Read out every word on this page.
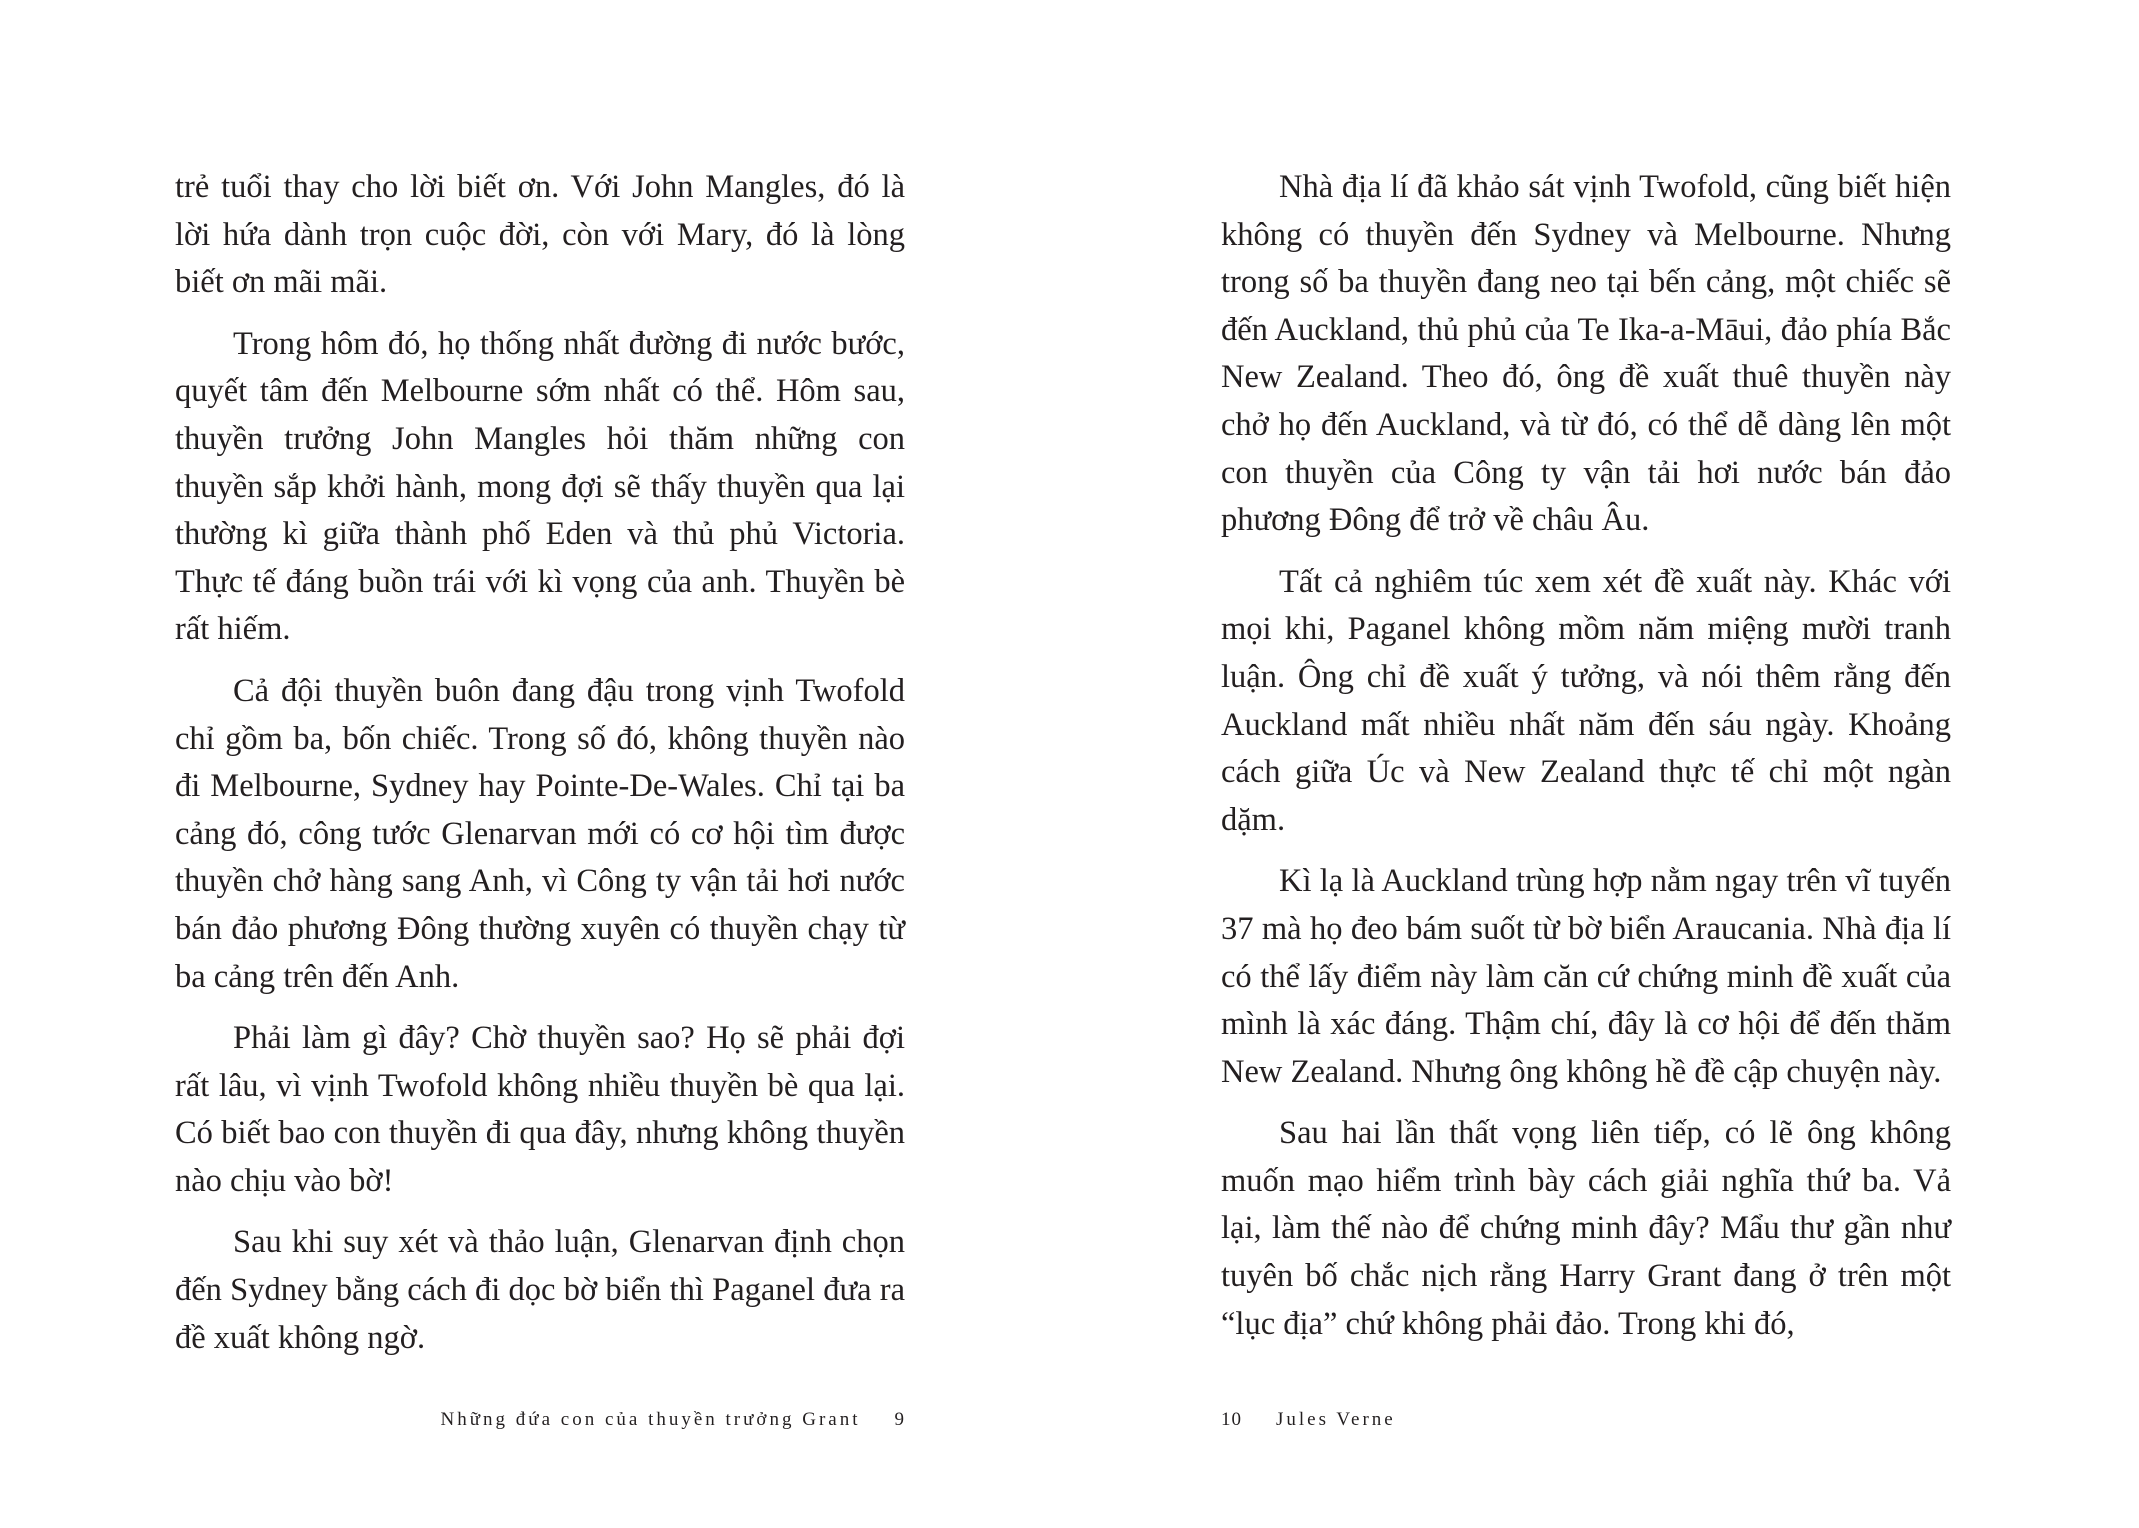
trẻ tuổi thay cho lời biết ơn. Với John Mangles, đó là lời hứa dành trọn cuộc đời, còn với Mary, đó là lòng biết ơn mãi mãi.

Trong hôm đó, họ thống nhất đường đi nước bước, quyết tâm đến Melbourne sớm nhất có thể. Hôm sau, thuyền trưởng John Mangles hỏi thăm những con thuyền sắp khởi hành, mong đợi sẽ thấy thuyền qua lại thường kì giữa thành phố Eden và thủ phủ Victoria. Thực tế đáng buồn trái với kì vọng của anh. Thuyền bè rất hiếm.

Cả đội thuyền buôn đang đậu trong vịnh Twofold chỉ gồm ba, bốn chiếc. Trong số đó, không thuyền nào đi Melbourne, Sydney hay Pointe-De-Wales. Chỉ tại ba cảng đó, công tước Glenarvan mới có cơ hội tìm được thuyền chở hàng sang Anh, vì Công ty vận tải hơi nước bán đảo phương Đông thường xuyên có thuyền chạy từ ba cảng trên đến Anh.

Phải làm gì đây? Chờ thuyền sao? Họ sẽ phải đợi rất lâu, vì vịnh Twofold không nhiều thuyền bè qua lại. Có biết bao con thuyền đi qua đây, nhưng không thuyền nào chịu vào bờ!

Sau khi suy xét và thảo luận, Glenarvan định chọn đến Sydney bằng cách đi dọc bờ biển thì Paganel đưa ra đề xuất không ngờ.

Những đứa con của thuyền trưởng Grant 9

Nhà địa lí đã khảo sát vịnh Twofold, cũng biết hiện không có thuyền đến Sydney và Melbourne. Nhưng trong số ba thuyền đang neo tại bến cảng, một chiếc sẽ đến Auckland, thủ phủ của Te Ika-a-Māui, đảo phía Bắc New Zealand. Theo đó, ông đề xuất thuê thuyền này chở họ đến Auckland, và từ đó, có thể dễ dàng lên một con thuyền của Công ty vận tải hơi nước bán đảo phương Đông để trở về châu Âu.

Tất cả nghiêm túc xem xét đề xuất này. Khác với mọi khi, Paganel không mồm năm miệng mười tranh luận. Ông chỉ đề xuất ý tưởng, và nói thêm rằng đến Auckland mất nhiều nhất năm đến sáu ngày. Khoảng cách giữa Úc và New Zealand thực tế chỉ một ngàn dặm.

Kì lạ là Auckland trùng hợp nằm ngay trên vĩ tuyến 37 mà họ đeo bám suốt từ bờ biển Araucania. Nhà địa lí có thể lấy điểm này làm căn cứ chứng minh đề xuất của mình là xác đáng. Thậm chí, đây là cơ hội để đến thăm New Zealand. Nhưng ông không hề đề cập chuyện này.

Sau hai lần thất vọng liên tiếp, có lẽ ông không muốn mạo hiểm trình bày cách giải nghĩa thứ ba. Vả lại, làm thế nào để chứng minh đây? Mẩu thư gần như tuyên bố chắc nịch rằng Harry Grant đang ở trên một “lục địa” chứ không phải đảo. Trong khi đó,

10 Jules Verne
